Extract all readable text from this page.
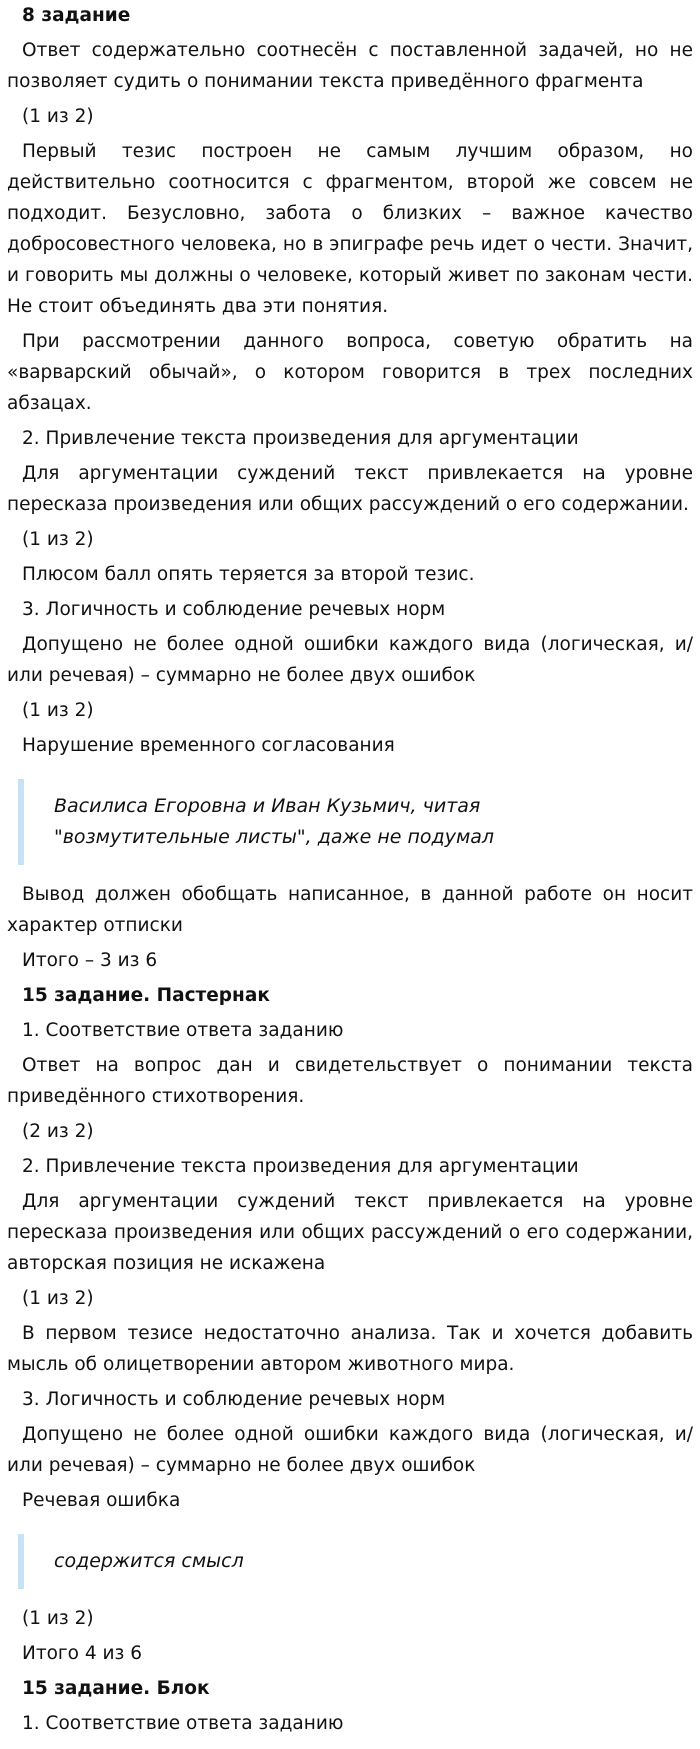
8 задание

Ответ содержательно соотнесён с поставленной задачей, но не позволяет судить о понимании текста приведённого фрагмента

(1 из 2)

Первый тезис построен не самым лучшим образом, но действительно соотносится с фрагментом, второй же совсем не подходит. Безусловно, забота о близких – важное качество добросовестного человека, но в эпиграфе речь идет о чести. Значит, и говорить мы должны о человеке, который живет по законам чести. Не стоит объединять два эти понятия.

При рассмотрении данного вопроса, советую обратить на «варварский обычай», о котором говорится в трех последних абзацах.

2. Привлечение текста произведения для аргументации

Для аргументации суждений текст привлекается на уровне пересказа произведения или общих рассуждений о его содержании.

(1 из 2)

Плюсом балл опять теряется за второй тезис.

3. Логичность и соблюдение речевых норм

Допущено не более одной ошибки каждого вида (логическая, и/или речевая) – суммарно не более двух ошибок

(1 из 2)

Нарушение временного согласования

Василиса Егоровна и Иван Кузьмич, читая "возмутительные листы", даже не подумал

Вывод должен обобщать написанное, в данной работе он носит характер отписки

Итого – 3 из 6

15 задание. Пастернак

1. Соответствие ответа заданию

Ответ на вопрос дан и свидетельствует о понимании текста приведённого стихотворения.

(2 из 2)

2. Привлечение текста произведения для аргументации

Для аргументации суждений текст привлекается на уровне пересказа произведения или общих рассуждений о его содержании, авторская позиция не искажена

(1 из 2)

В первом тезисе недостаточно анализа. Так и хочется добавить мысль об олицетворении автором животного мира.

3. Логичность и соблюдение речевых норм

Допущено не более одной ошибки каждого вида (логическая, и/или речевая) – суммарно не более двух ошибок

Речевая ошибка

содержится смысл

(1 из 2)

Итого 4 из 6

15 задание. Блок

1. Соответствие ответа заданию
